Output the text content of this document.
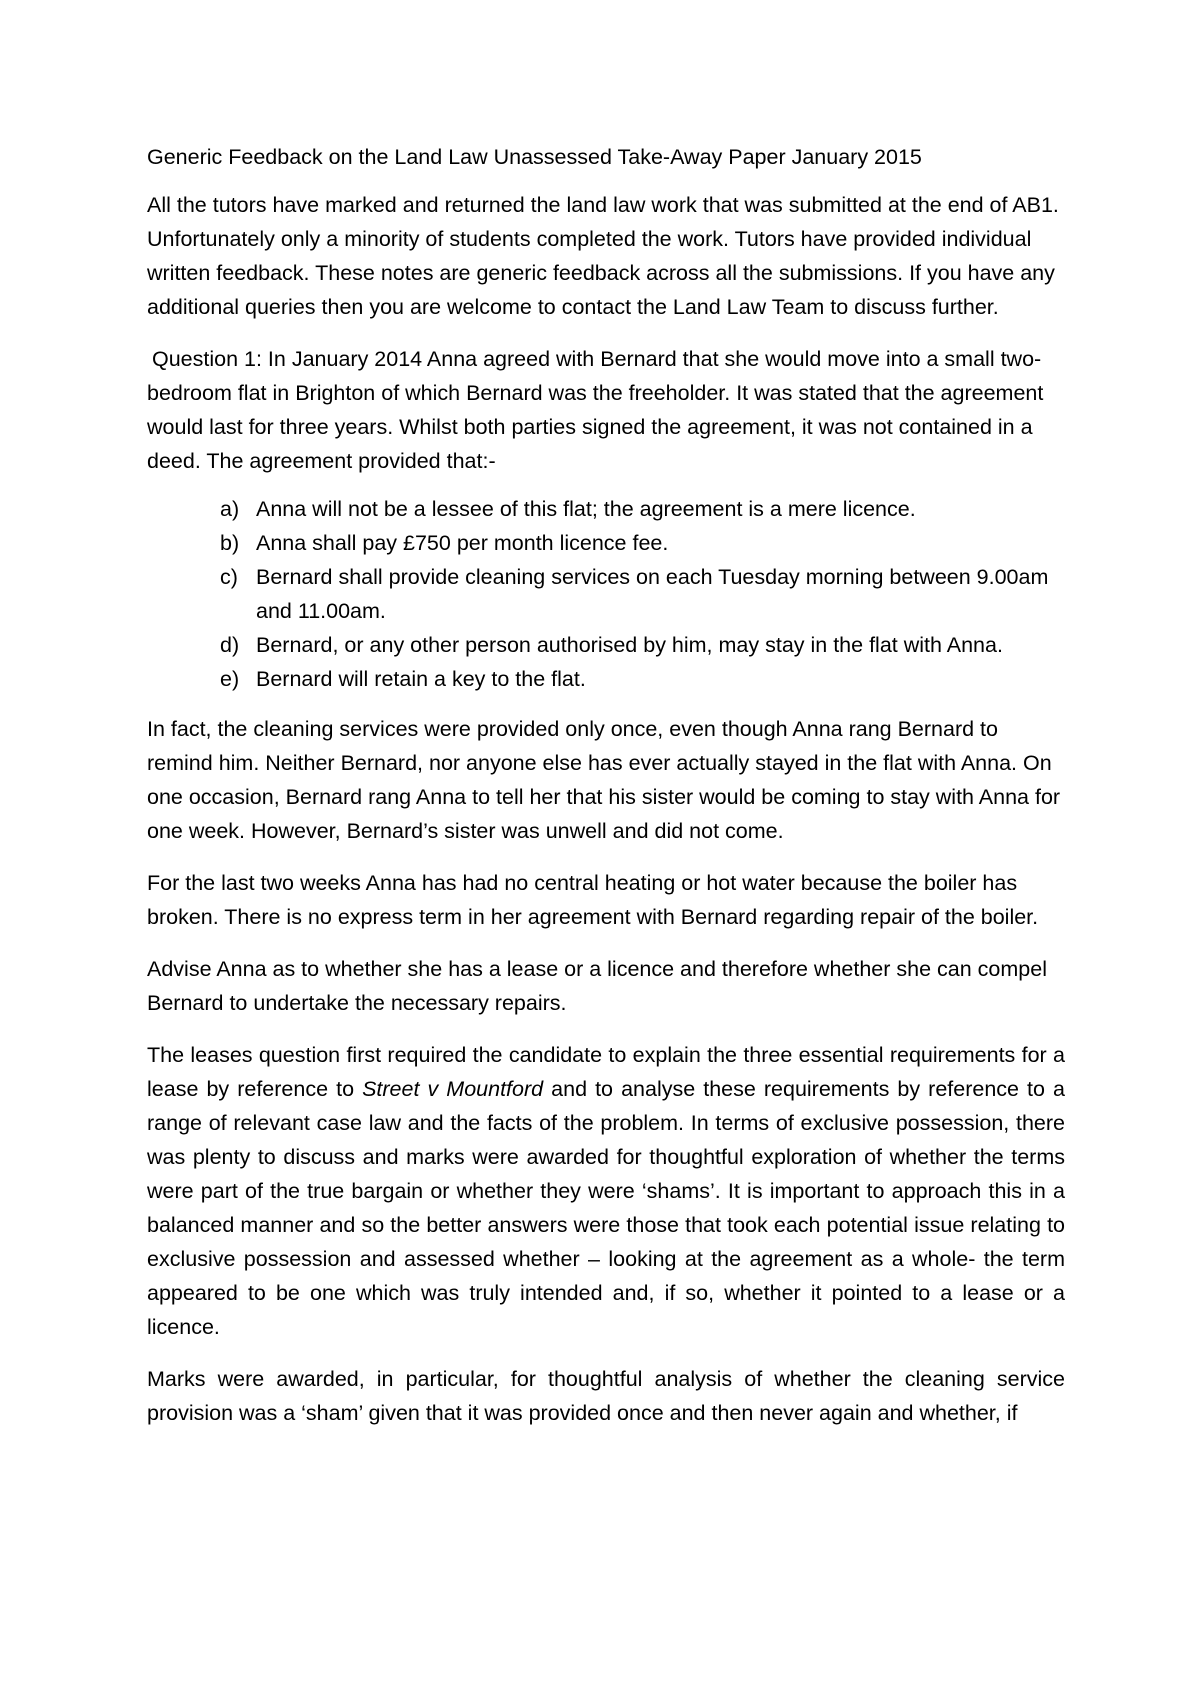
Generic Feedback on the Land Law Unassessed Take-Away Paper January 2015

All the tutors have marked and returned the land law work that was submitted at the end of AB1. Unfortunately only a minority of students completed the work. Tutors have provided individual written feedback. These notes are generic feedback across all the submissions. If you have any additional queries then you are welcome to contact the Land Law Team to discuss further.

Question 1: In January 2014 Anna agreed with Bernard that she would move into a small two-bedroom flat in Brighton of which Bernard was the freeholder. It was stated that the agreement would last for three years. Whilst both parties signed the agreement, it was not contained in a deed. The agreement provided that:-

a) Anna will not be a lessee of this flat; the agreement is a mere licence.
b) Anna shall pay £750 per month licence fee.
c) Bernard shall provide cleaning services on each Tuesday morning between 9.00am and 11.00am.
d) Bernard, or any other person authorised by him, may stay in the flat with Anna.
e) Bernard will retain a key to the flat.

In fact, the cleaning services were provided only once, even though Anna rang Bernard to remind him. Neither Bernard, nor anyone else has ever actually stayed in the flat with Anna. On one occasion, Bernard rang Anna to tell her that his sister would be coming to stay with Anna for one week. However, Bernard’s sister was unwell and did not come.

For the last two weeks Anna has had no central heating or hot water because the boiler has broken. There is no express term in her agreement with Bernard regarding repair of the boiler.

Advise Anna as to whether she has a lease or a licence and therefore whether she can compel Bernard to undertake the necessary repairs.

The leases question first required the candidate to explain the three essential requirements for a lease by reference to Street v Mountford and to analyse these requirements by reference to a range of relevant case law and the facts of the problem. In terms of exclusive possession, there was plenty to discuss and marks were awarded for thoughtful exploration of whether the terms were part of the true bargain or whether they were ‘shams’. It is important to approach this in a balanced manner and so the better answers were those that took each potential issue relating to exclusive possession and assessed whether – looking at the agreement as a whole- the term appeared to be one which was truly intended and, if so, whether it pointed to a lease or a licence.

Marks were awarded, in particular, for thoughtful analysis of whether the cleaning service provision was a ‘sham’ given that it was provided once and then never again and whether, if
